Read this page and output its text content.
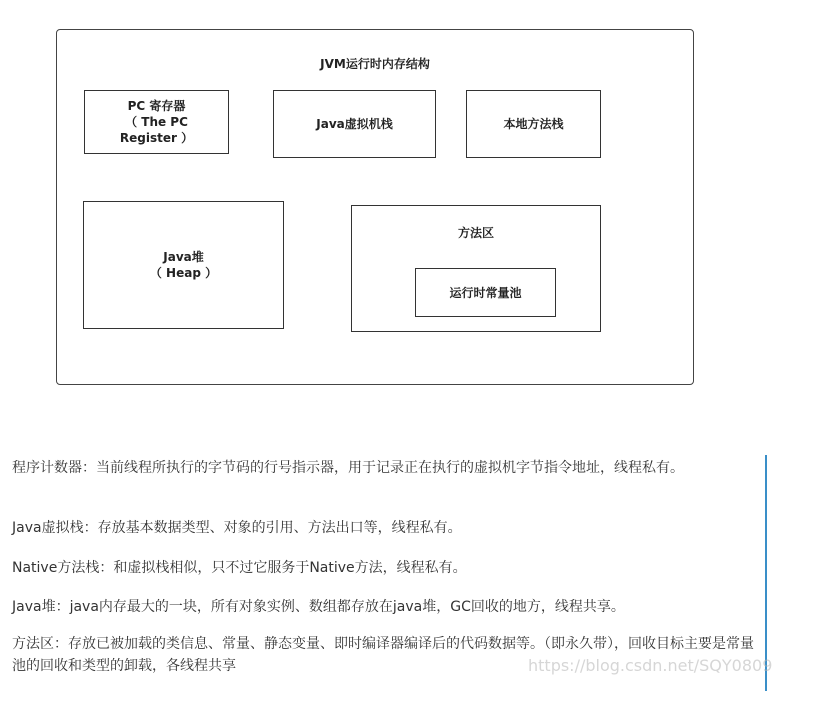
JVM运行时内存结构
PC 寄存器
（ The PC
Register ）
Java虚拟机栈	本地方法栈
Java堆
（ Heap ）
方法区
运行时常量池
程序计数器：当前线程所执行的字节码的行号指示器，用于记录正在执行的虚拟机字节指令地址，线程私有。
Java虚拟栈：存放基本数据类型、对象的引用、方法出口等，线程私有。
Native方法栈：和虚拟栈相似，只不过它服务于Native方法，线程私有。
Java堆：java内存最大的一块，所有对象实例、数组都存放在java堆，GC回收的地方，线程共享。
方法区：存放已被加载的类信息、常量、静态变量、即时编译器编译后的代码数据等。（即永久带），回收目标主要是常量池的回收和类型的卸载，各线程共享	https://blog.csdn.net/SQY0809
